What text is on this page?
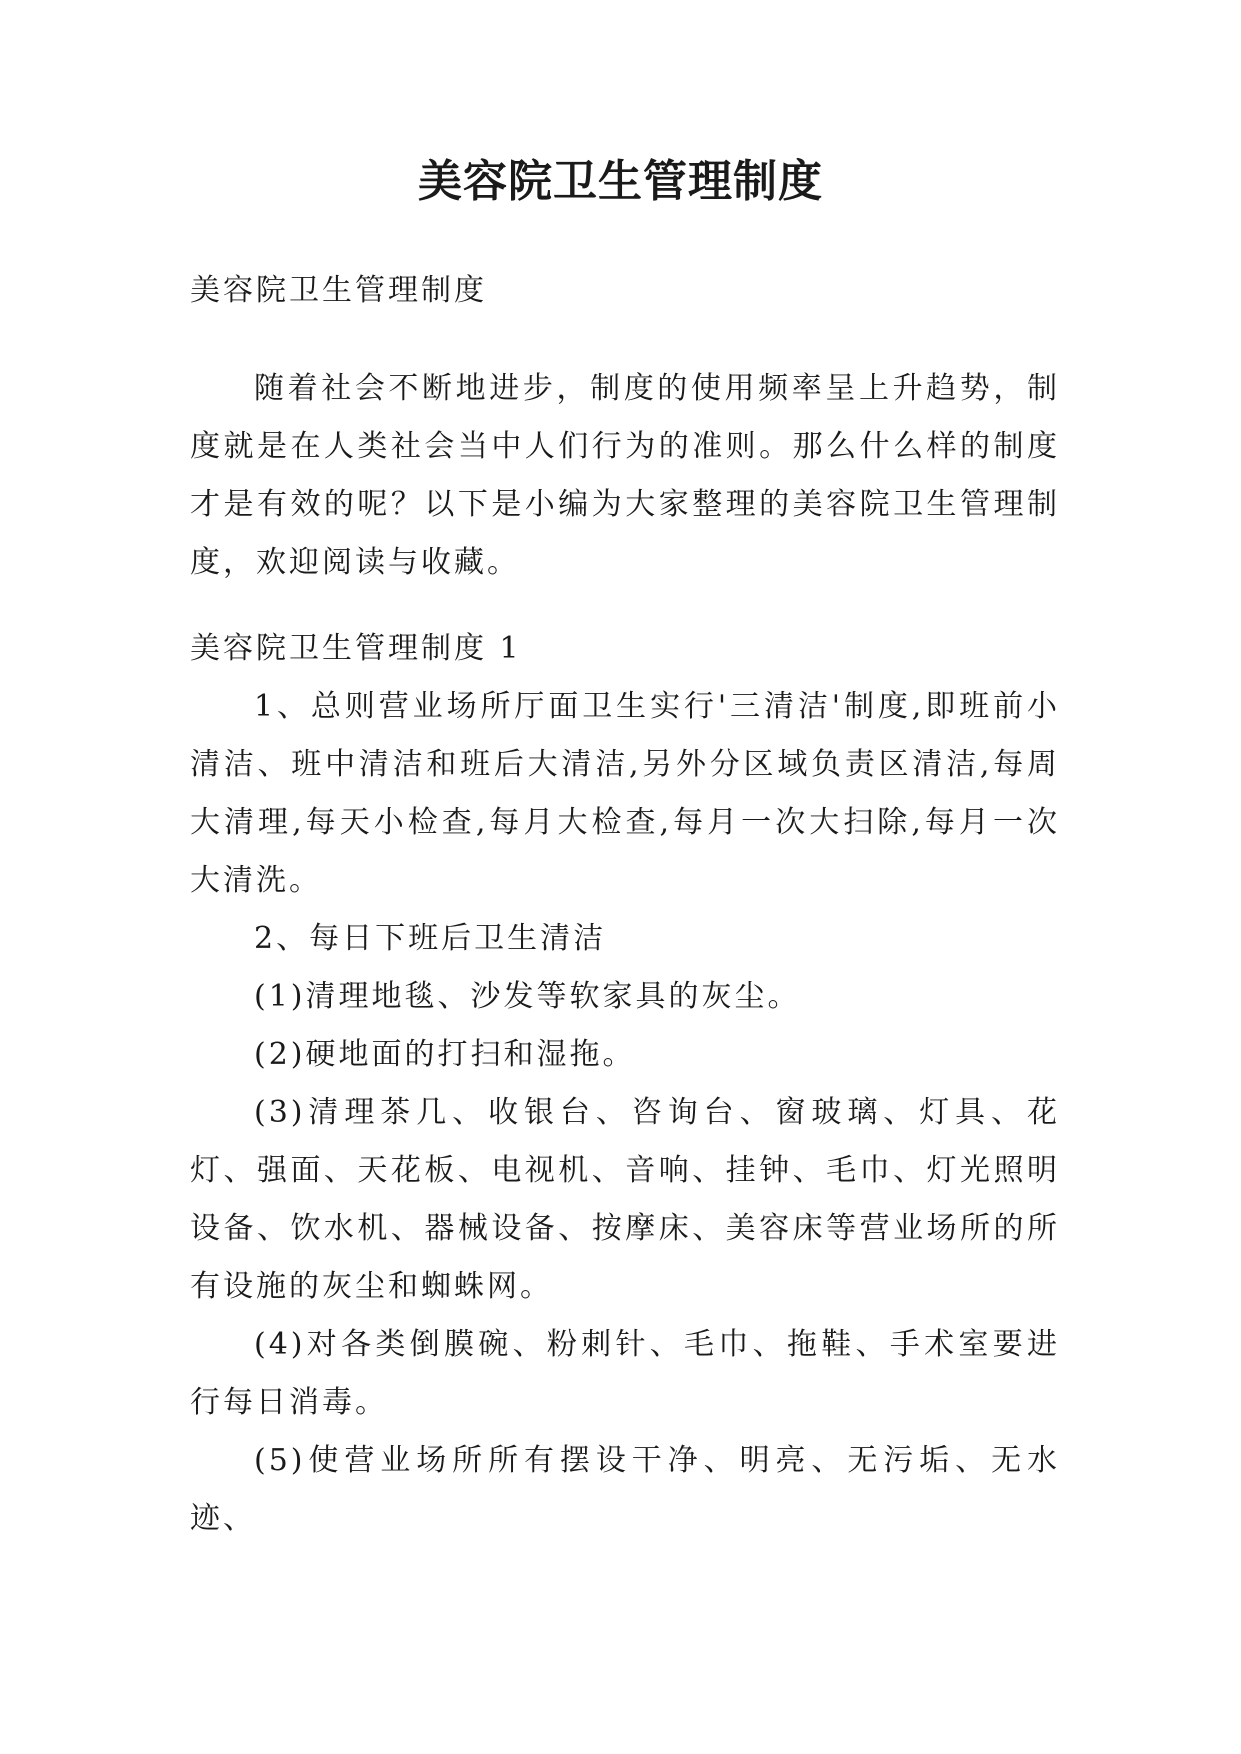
美容院卫生管理制度

美容院卫生管理制度

随着社会不断地进步，制度的使用频率呈上升趋势，制度就是在人类社会当中人们行为的准则。那么什么样的制度才是有效的呢？以下是小编为大家整理的美容院卫生管理制度，欢迎阅读与收藏。

美容院卫生管理制度 1

1、总则营业场所厅面卫生实行'三清洁'制度,即班前小清洁、班中清洁和班后大清洁,另外分区域负责区清洁,每周大清理,每天小检查,每月大检查,每月一次大扫除,每月一次大清洗。

2、每日下班后卫生清洁

(1)清理地毯、沙发等软家具的灰尘。

(2)硬地面的打扫和湿拖。

(3)清理茶几、收银台、咨询台、窗玻璃、灯具、花灯、强面、天花板、电视机、音响、挂钟、毛巾、灯光照明设备、饮水机、器械设备、按摩床、美容床等营业场所的所有设施的灰尘和蜘蛛网。

(4)对各类倒膜碗、粉刺针、毛巾、拖鞋、手术室要进行每日消毒。

(5)使营业场所所有摆设干净、明亮、无污垢、无水迹、
